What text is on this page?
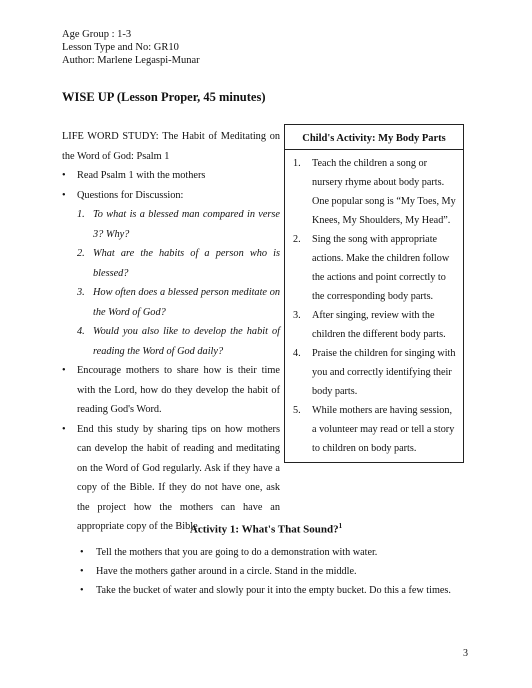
Age Group : 1-3
Lesson Type and No: GR10
Author: Marlene Legaspi-Munar
WISE UP (Lesson Proper, 45 minutes)

LIFE WORD STUDY: The Habit of Meditating on the Word of God: Psalm 1

• Read Psalm 1 with the mothers
• Questions for Discussion:
1. To what is a blessed man compared in verse 3? Why?
2. What are the habits of a person who is blessed?
3. How often does a blessed person meditate on the Word of God?
4. Would you also like to develop the habit of reading the Word of God daily?
• Encourage mothers to share how is their time with the Lord, how do they develop the habit of reading God's Word.
• End this study by sharing tips on how mothers can develop the habit of reading and meditating on the Word of God regularly. Ask if they have a copy of the Bible. If they do not have one, ask the project how the mothers can have an appropriate copy of the Bible.
Child's Activity: My Body Parts
1. Teach the children a song or nursery rhyme about body parts. One popular song is “My Toes, My Knees, My Shoulders, My Head”.
2. Sing the song with appropriate actions. Make the children follow the actions and point correctly to the corresponding body parts.
3. After singing, review with the children the different body parts.
4. Praise the children for singing with you and correctly identifying their body parts.
5. While mothers are having session, a volunteer may read or tell a story to children on body parts.
Activity 1: What's That Sound?$^1$
• Tell the mothers that you are going to do a demonstration with water.
• Have the mothers gather around in a circle. Stand in the middle.
• Take the bucket of water and slowly pour it into the empty bucket. Do this a few times.
3
